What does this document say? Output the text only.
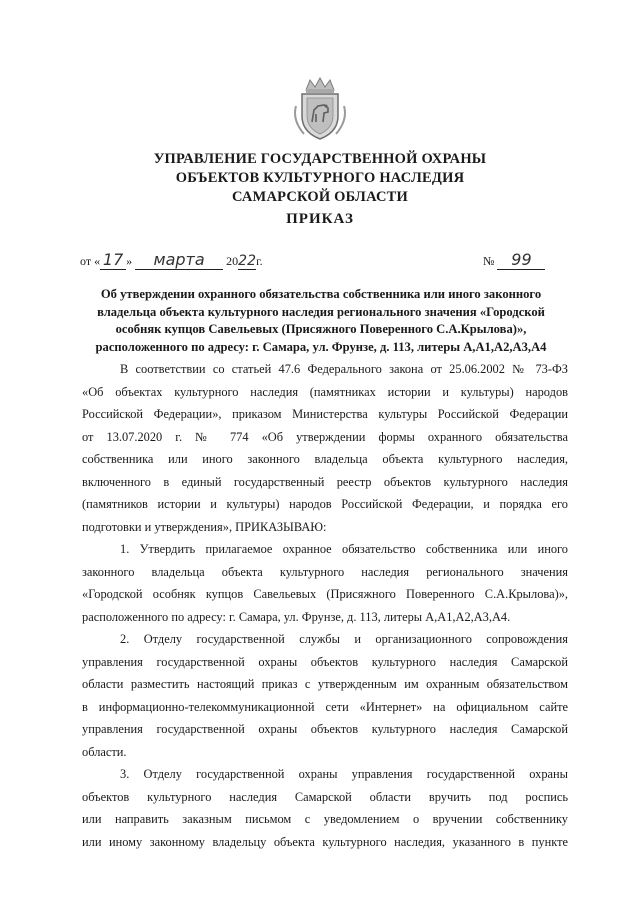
УПРАВЛЕНИЕ ГОСУДАРСТВЕННОЙ ОХРАНЫ
ОБЪЕКТОВ КУЛЬТУРНОГО НАСЛЕДИЯ
САМАРСКОЙ ОБЛАСТИ
ПРИКАЗ
от « 17 » марта 2022г.	№ 99
Об утверждении охранного обязательства собственника или иного законного
владельца объекта культурного наследия регионального значения «Городской
особняк купцов Савельевых (Присяжного Поверенного С.А.Крылова)»,
расположенного по адресу: г. Самара, ул. Фрунзе, д. 113, литеры А,А1,А2,А3,А4
В соответствии со статьей 47.6 Федерального закона от 25.06.2002 № 73-ФЗ
«Об объектах культурного наследия (памятниках истории и культуры) народов
Российской Федерации», приказом Министерства культуры Российской Федерации
от 13.07.2020 г. № 774 «Об утверждении формы охранного обязательства
собственника или иного законного владельца объекта культурного наследия,
включенного в единый государственный реестр объектов культурного наследия
(памятников истории и культуры) народов Российской Федерации, и порядка его
подготовки и утверждения», ПРИКАЗЫВАЮ:
1. Утвердить прилагаемое охранное обязательство собственника или иного
законного владельца объекта культурного наследия регионального значения
«Городской особняк купцов Савельевых (Присяжного Поверенного С.А.Крылова)»,
расположенного по адресу: г. Самара, ул. Фрунзе, д. 113, литеры А,А1,А2,А3,А4.
2. Отделу государственной службы и организационного сопровождения
управления государственной охраны объектов культурного наследия Самарской
области разместить настоящий приказ с утвержденным им охранным обязательством
в информационно-телекоммуникационной сети «Интернет» на официальном сайте
управления государственной охраны объектов культурного наследия Самарской
области.
3. Отделу государственной охраны управления государственной охраны
объектов культурного наследия Самарской области вручить под роспись
или направить заказным письмом с уведомлением о вручении собственнику
или иному законному владельцу объекта культурного наследия, указанного в пункте
